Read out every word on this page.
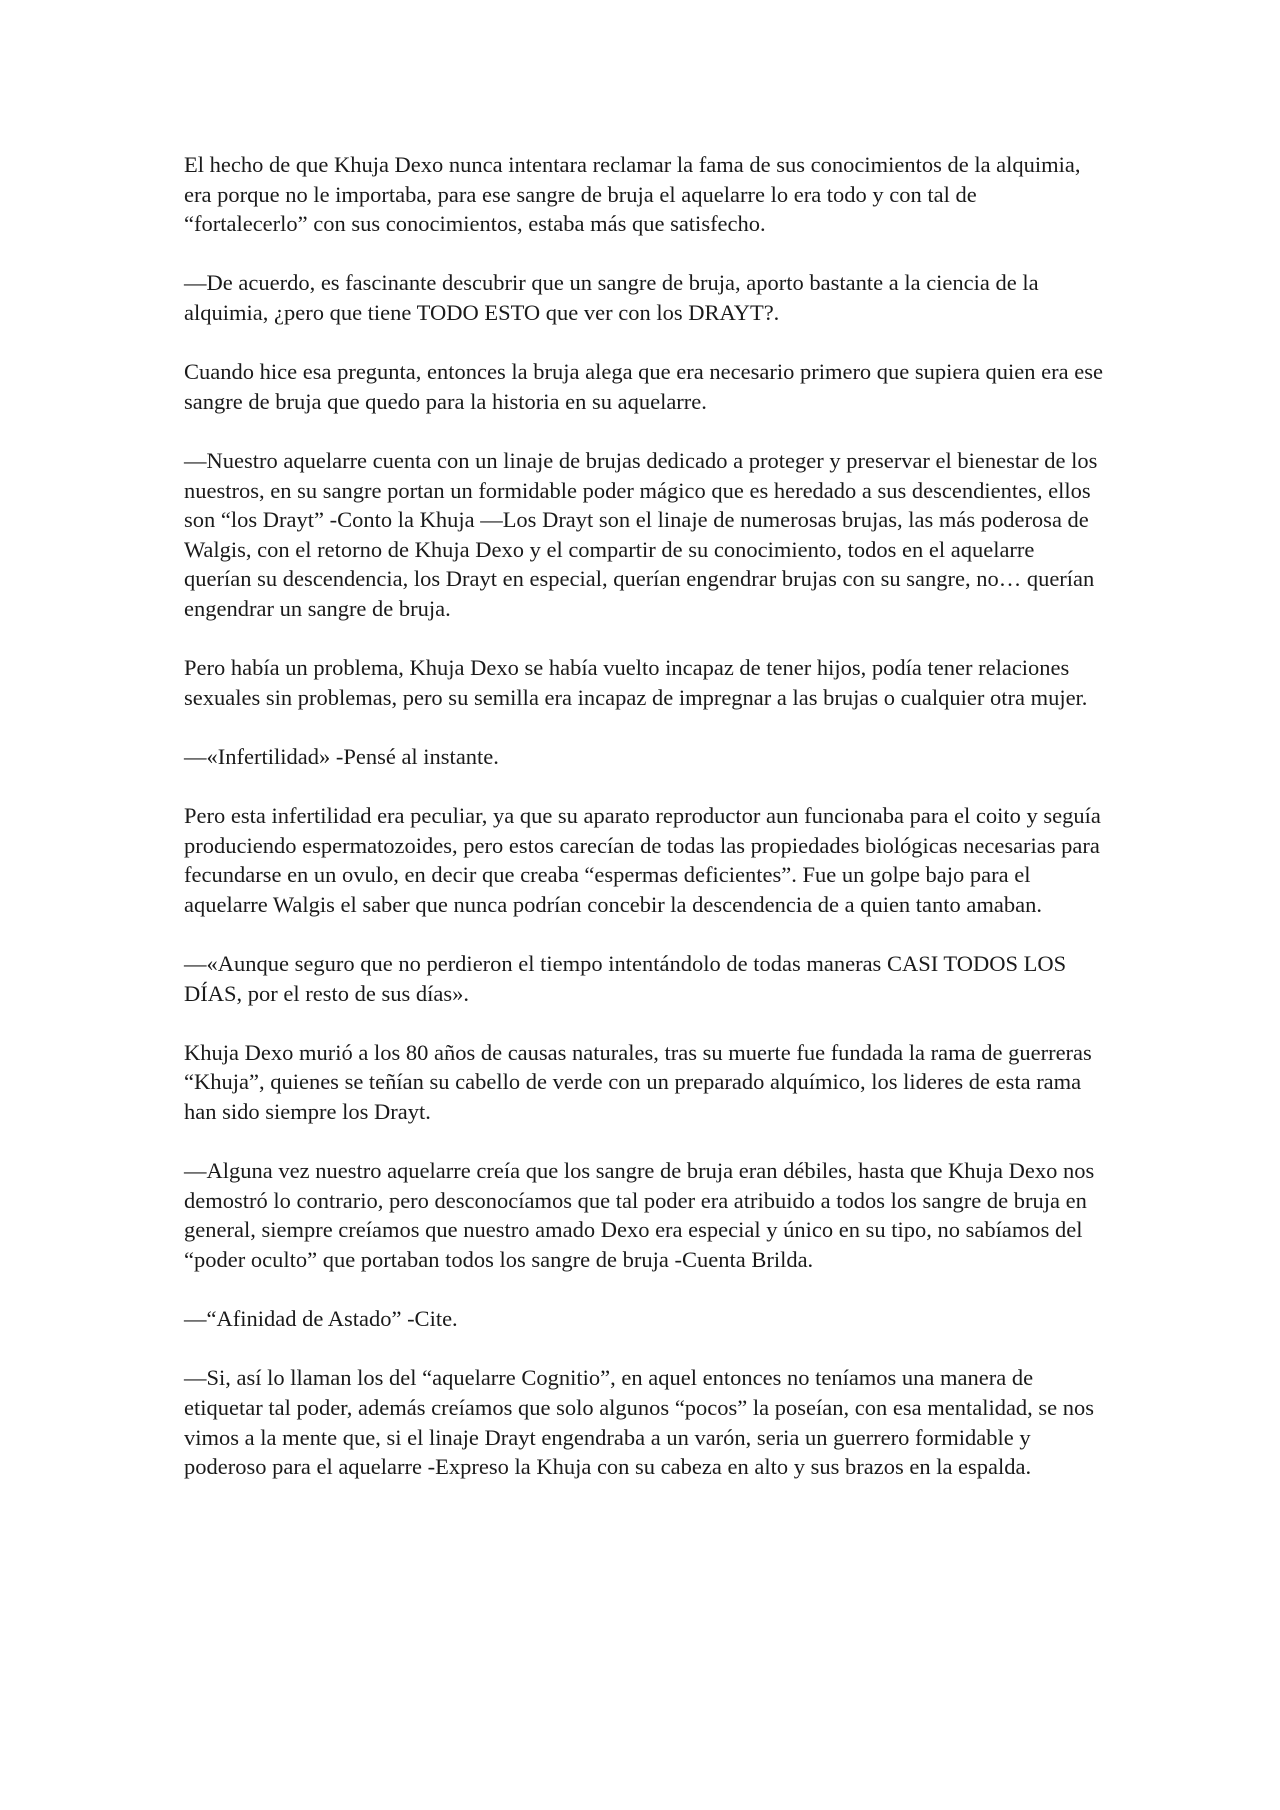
El hecho de que Khuja Dexo nunca intentara reclamar la fama de sus conocimientos de la alquimia, era porque no le importaba, para ese sangre de bruja el aquelarre lo era todo y con tal de “fortalecerlo” con sus conocimientos, estaba más que satisfecho.

—De acuerdo, es fascinante descubrir que un sangre de bruja, aporto bastante a la ciencia de la alquimia, ¿pero que tiene TODO ESTO que ver con los DRAYT?.

Cuando hice esa pregunta, entonces la bruja alega que era necesario primero que supiera quien era ese sangre de bruja que quedo para la historia en su aquelarre.

—Nuestro aquelarre cuenta con un linaje de brujas dedicado a proteger y preservar el bienestar de los nuestros, en su sangre portan un formidable poder mágico que es heredado a sus descendientes, ellos son “los Drayt” -Conto la Khuja —Los Drayt son el linaje de numerosas brujas, las más poderosa de Walgis, con el retorno de Khuja Dexo y el compartir de su conocimiento, todos en el aquelarre querían su descendencia, los Drayt en especial, querían engendrar brujas con su sangre, no… querían engendrar un sangre de bruja.

Pero había un problema, Khuja Dexo se había vuelto incapaz de tener hijos, podía tener relaciones sexuales sin problemas, pero su semilla era incapaz de impregnar a las brujas o cualquier otra mujer.

—«Infertilidad» -Pensé al instante.

Pero esta infertilidad era peculiar, ya que su aparato reproductor aun funcionaba para el coito y seguía produciendo espermatozoides, pero estos carecían de todas las propiedades biológicas necesarias para fecundarse en un ovulo, en decir que creaba “espermas deficientes”. Fue un golpe bajo para el aquelarre Walgis el saber que nunca podrían concebir la descendencia de a quien tanto amaban.

—«Aunque seguro que no perdieron el tiempo intentándolo de todas maneras CASI TODOS LOS DÍAS, por el resto de sus días».

Khuja Dexo murió a los 80 años de causas naturales, tras su muerte fue fundada la rama de guerreras “Khuja”, quienes se teñían su cabello de verde con un preparado alquímico, los lideres de esta rama han sido siempre los Drayt.

—Alguna vez nuestro aquelarre creía que los sangre de bruja eran débiles, hasta que Khuja Dexo nos demostró lo contrario, pero desconocíamos que tal poder era atribuido a todos los sangre de bruja en general, siempre creíamos que nuestro amado Dexo era especial y único en su tipo, no sabíamos del “poder oculto” que portaban todos los sangre de bruja -Cuenta Brilda.

—“Afinidad de Astado” -Cite.

—Si, así lo llaman los del “aquelarre Cognitio”, en aquel entonces no teníamos una manera de etiquetar tal poder, además creíamos que solo algunos “pocos” la poseían, con esa mentalidad, se nos vimos a la mente que, si el linaje Drayt engendraba a un varón, seria un guerrero formidable y poderoso para el aquelarre -Expreso la Khuja con su cabeza en alto y sus brazos en la espalda.
